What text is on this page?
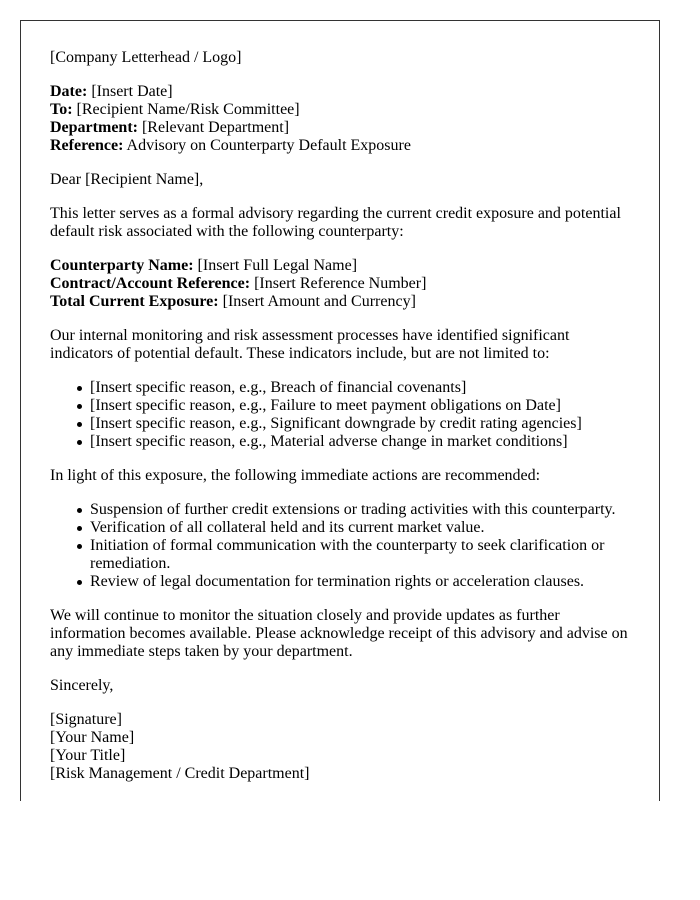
[Company Letterhead / Logo]

Date: [Insert Date]
To: [Recipient Name/Risk Committee]
Department: [Relevant Department]
Reference: Advisory on Counterparty Default Exposure

Dear [Recipient Name],

This letter serves as a formal advisory regarding the current credit exposure and potential default risk associated with the following counterparty:

Counterparty Name: [Insert Full Legal Name]
Contract/Account Reference: [Insert Reference Number]
Total Current Exposure: [Insert Amount and Currency]

Our internal monitoring and risk assessment processes have identified significant indicators of potential default. These indicators include, but are not limited to:

[Insert specific reason, e.g., Breach of financial covenants]
[Insert specific reason, e.g., Failure to meet payment obligations on Date]
[Insert specific reason, e.g., Significant downgrade by credit rating agencies]
[Insert specific reason, e.g., Material adverse change in market conditions]

In light of this exposure, the following immediate actions are recommended:

Suspension of further credit extensions or trading activities with this counterparty.
Verification of all collateral held and its current market value.
Initiation of formal communication with the counterparty to seek clarification or remediation.
Review of legal documentation for termination rights or acceleration clauses.

We will continue to monitor the situation closely and provide updates as further information becomes available. Please acknowledge receipt of this advisory and advise on any immediate steps taken by your department.

Sincerely,

[Signature]
[Your Name]
[Your Title]
[Risk Management / Credit Department]
